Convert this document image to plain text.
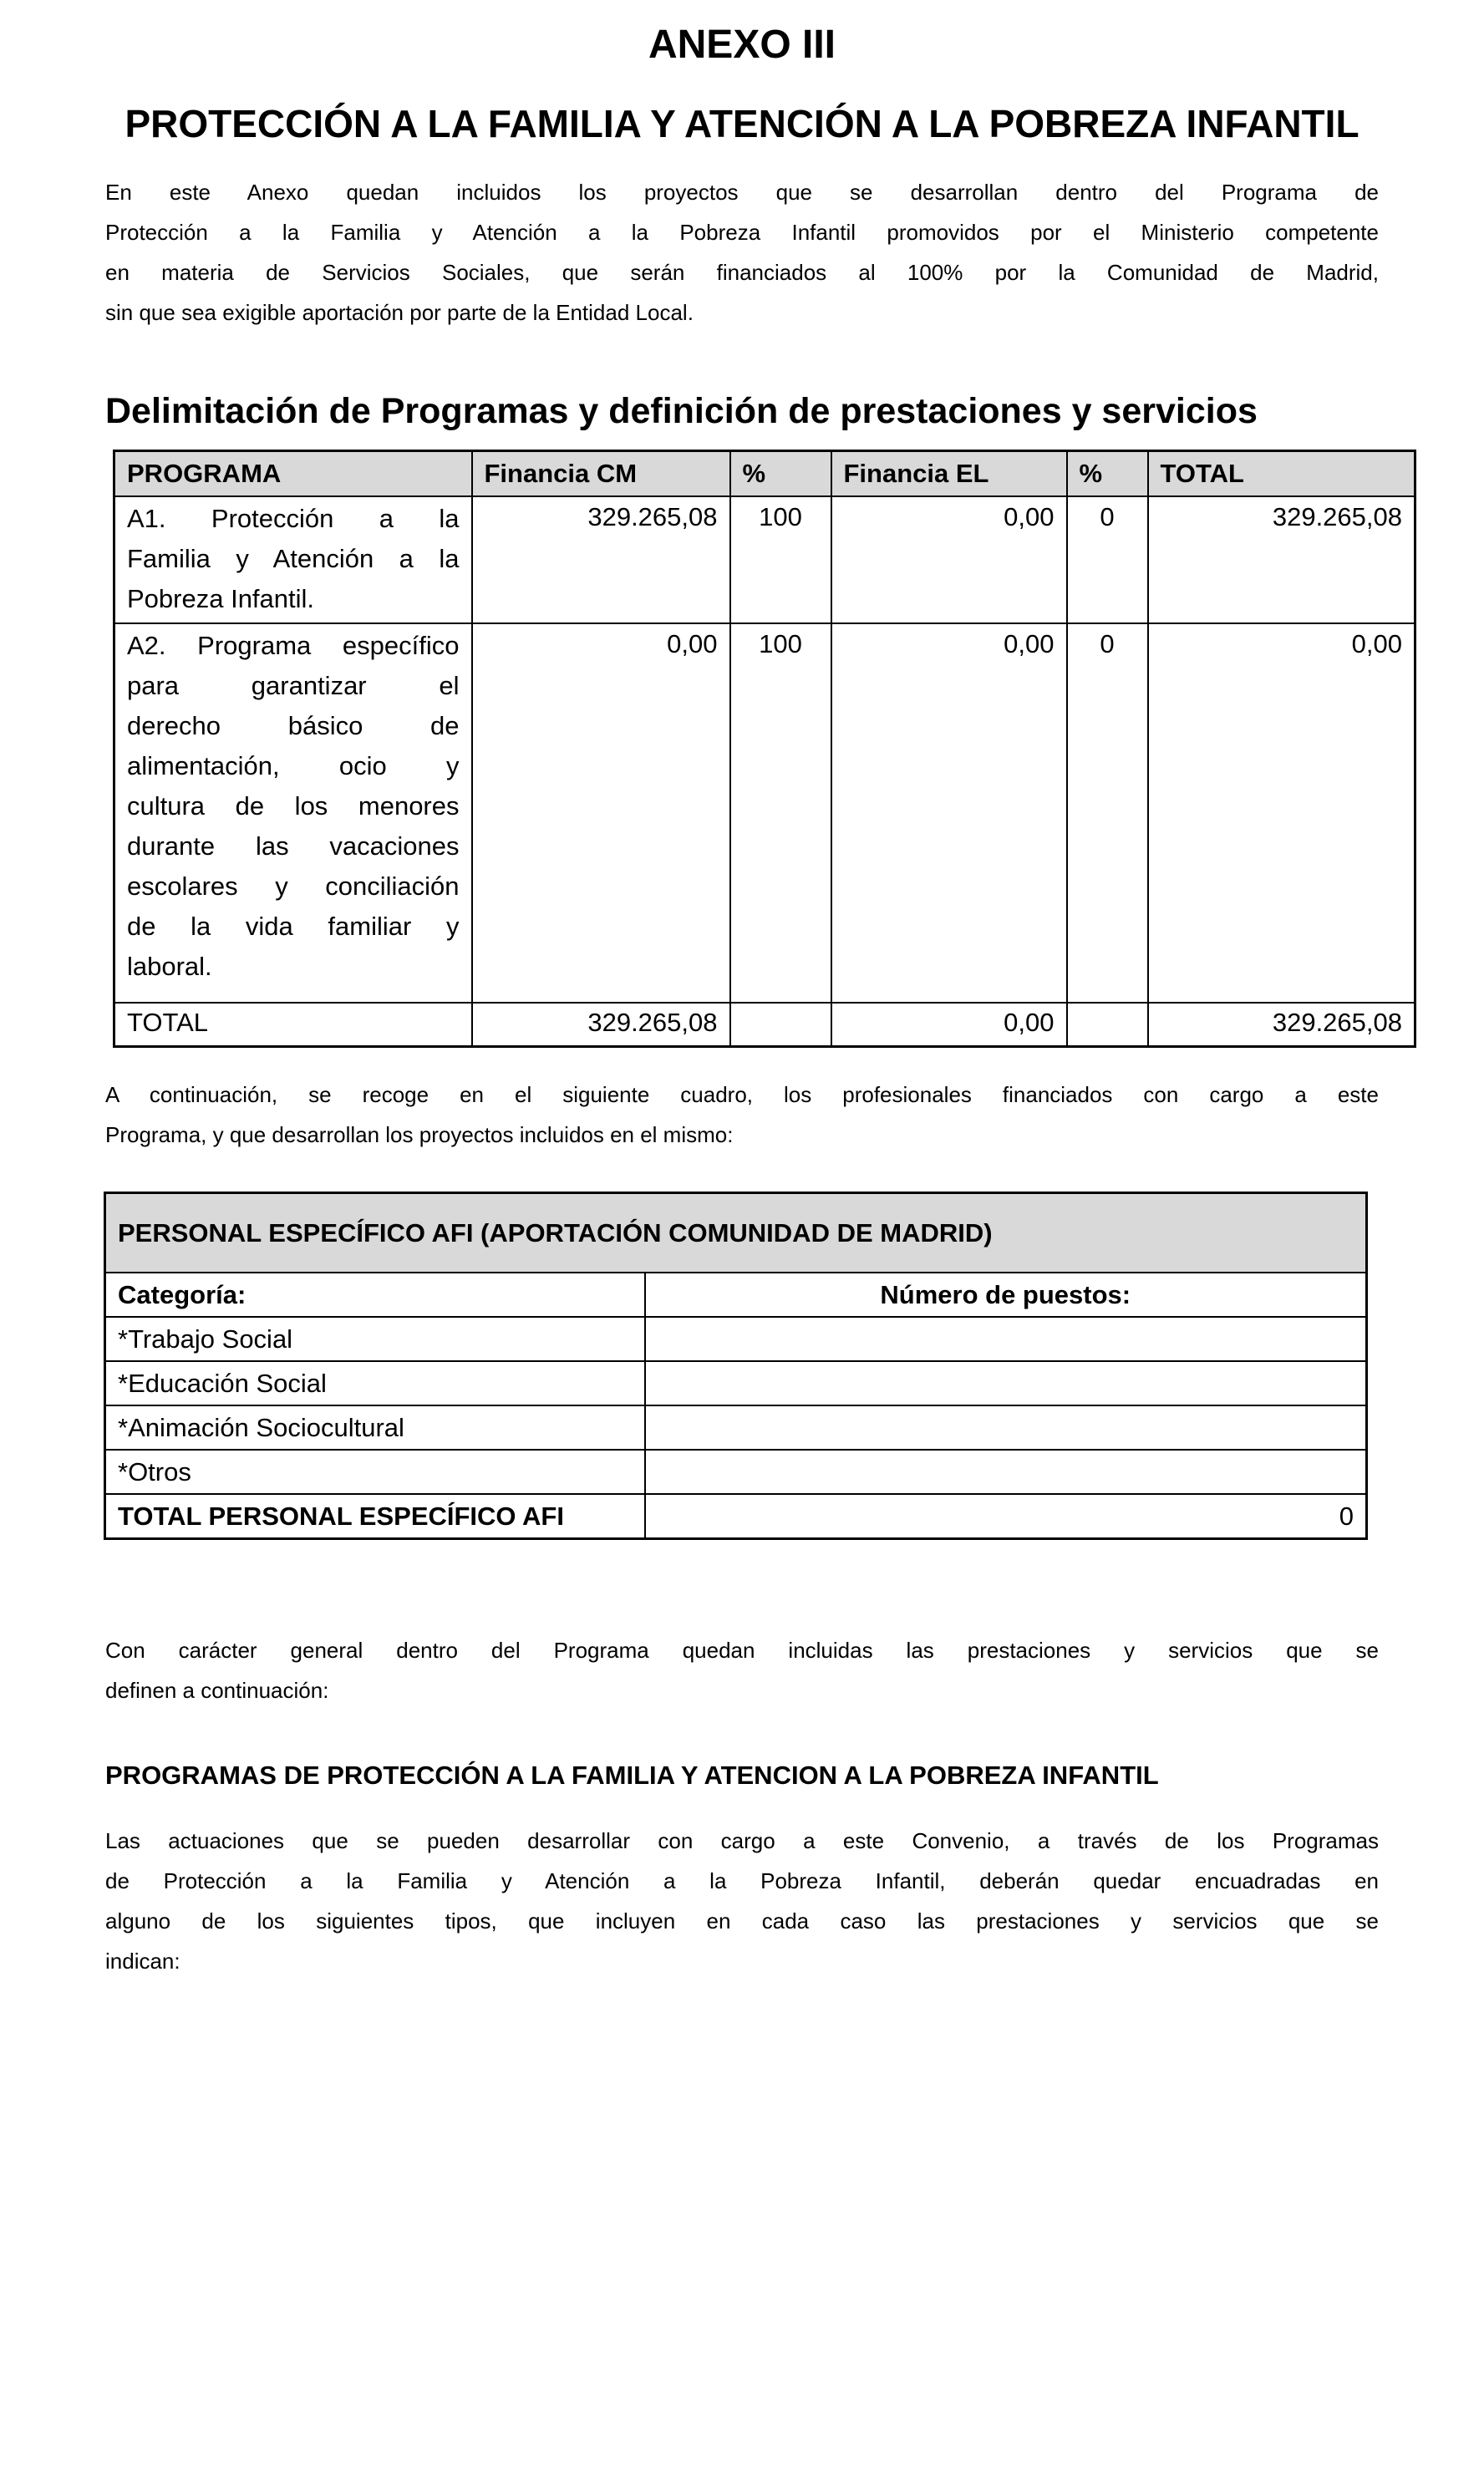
ANEXO III
PROTECCIÓN A LA FAMILIA Y ATENCIÓN A LA POBREZA INFANTIL
En este Anexo quedan incluidos los proyectos que se desarrollan dentro del Programa de
Protección a la Familia y Atención a la Pobreza Infantil promovidos por el Ministerio competente
en materia de Servicios Sociales, que serán financiados al 100% por la Comunidad de Madrid,
sin que sea exigible aportación por parte de la Entidad Local.
Delimitación de Programas y definición de prestaciones y servicios
PROGRAMA	Financia CM	%	Financia EL	%	TOTAL

A1. Protección a la
Familia y Atención a la
Pobreza Infantil.	329.265,08	100	0,00	0	329.265,08

A2. Programa específico
para garantizar el
derecho básico de
alimentación, ocio y
cultura de los menores
durante las vacaciones
escolares y conciliación
de la vida familiar y
laboral.
	0,00	100	0,00	0	0,00
TOTAL	329.265,08		0,00		329.265,08
A continuación, se recoge en el siguiente cuadro, los profesionales financiados con cargo a este
Programa, y que desarrollan los proyectos incluidos en el mismo:
PERSONAL ESPECÍFICO AFI (APORTACIÓN COMUNIDAD DE MADRID)	
Categoría:	Número de puestos:
*Trabajo Social	
*Educación Social	
*Animación Sociocultural	
*Otros	
TOTAL PERSONAL ESPECÍFICO AFI	0
Con carácter general dentro del Programa quedan incluidas las prestaciones y servicios que se
definen a continuación:
PROGRAMAS DE PROTECCIÓN A LA FAMILIA Y ATENCION A LA POBREZA INFANTIL
Las actuaciones que se pueden desarrollar con cargo a este Convenio, a través de los Programas
de Protección a la Familia y Atención a la Pobreza Infantil, deberán quedar encuadradas en
alguno de los siguientes tipos, que incluyen en cada caso las prestaciones y servicios que se
indican:
